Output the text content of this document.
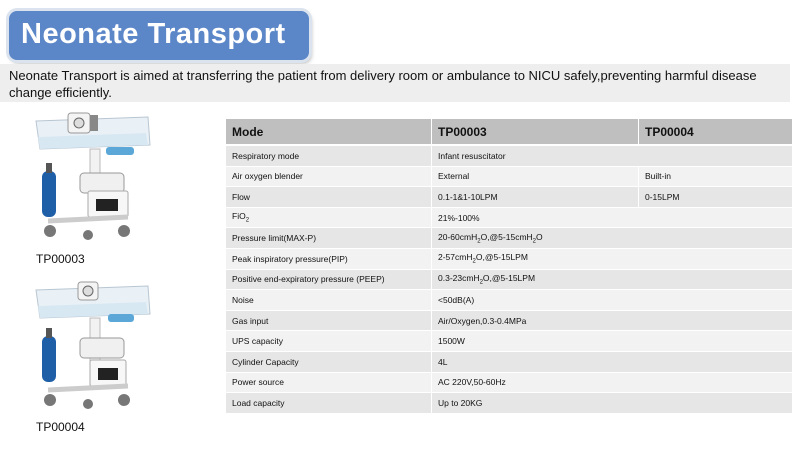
Neonate Transport
Neonate Transport is aimed at transferring the patient from delivery room or ambulance to NICU safely,preventing harmful disease change efficiently.
TP00003
TP00004
Mode	TP00003	TP00004
Respiratory mode	Infant resuscitator	
Air oxygen blender	External	Built-in
Flow	0.1-1&1-10LPM	0-15LPM
FiO$_2$	21%-100%	
Pressure limit(MAX-P)	20-60cmH$_2$O,@5-15cmH$_2$O	
Peak inspiratory pressure(PIP)	2-57cmH$_2$O,@5-15LPM	
Positive end-expiratory pressure (PEEP)	0.3-23cmH$_2$O,@5-15LPM	
Noise	<50dB(A)	
Gas input	Air/Oxygen,0.3-0.4MPa	
UPS capacity	1500W	
Cylinder Capacity	4L	
Power source	AC 220V,50-60Hz	
Load capacity	Up to 20KG	
